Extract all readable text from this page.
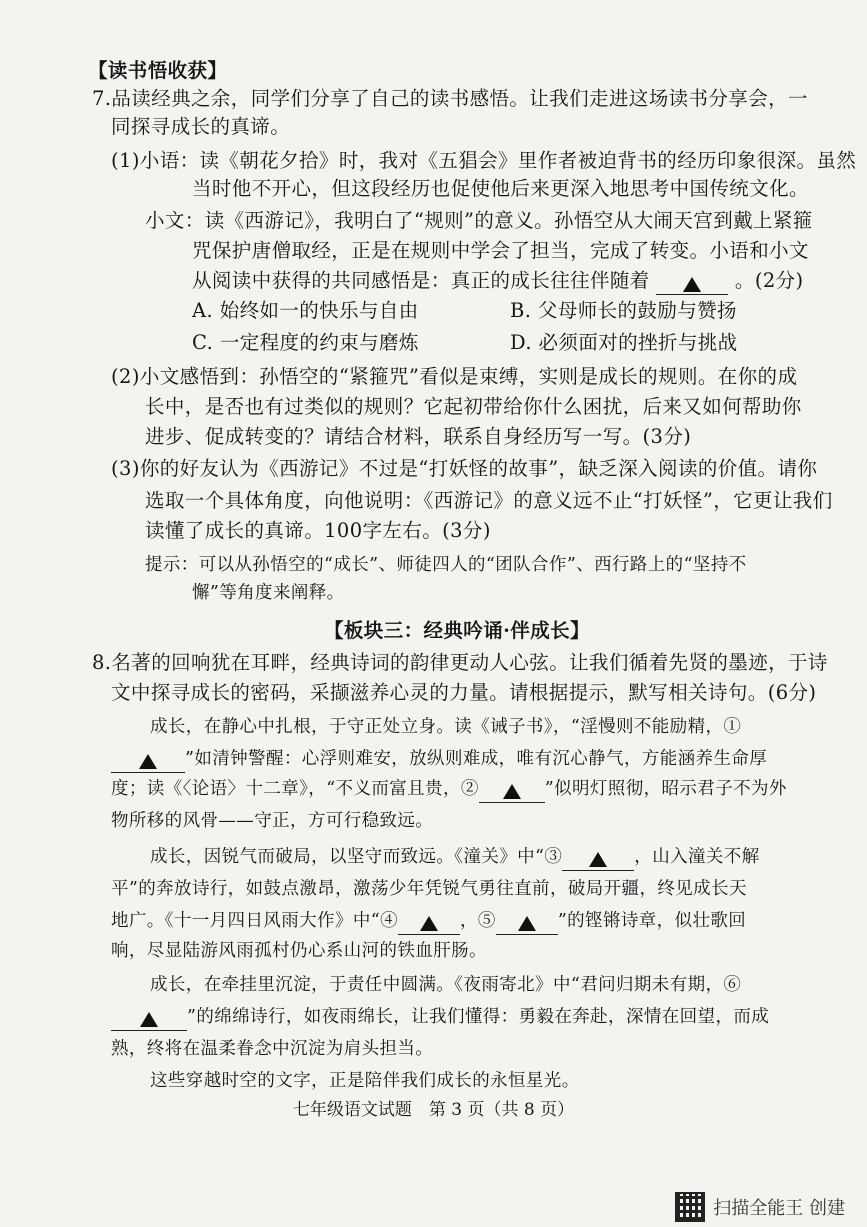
【读书悟收获】
7.品读经典之余，同学们分享了自己的读书感悟。让我们走进这场读书分享会，一
同探寻成长的真谛。
(1)小语：读《朝花夕拾》时，我对《五猖会》里作者被迫背书的经历印象很深。虽然
当时他不开心，但这段经历也促使他后来更深入地思考中国传统文化。
小文：读《西游记》，我明白了“规则”的意义。孙悟空从大闹天宫到戴上紧箍
咒保护唐僧取经，正是在规则中学会了担当，完成了转变。小语和小文
从阅读中获得的共同感悟是：真正的成长往往伴随着	。(2分)
A. 始终如一的快乐与自由	B. 父母师长的鼓励与赞扬
C. 一定程度的约束与磨炼	D. 必须面对的挫折与挑战
(2)小文感悟到：孙悟空的“紧箍咒”看似是束缚，实则是成长的规则。在你的成
长中，是否也有过类似的规则？它起初带给你什么困扰，后来又如何帮助你
进步、促成转变的？请结合材料，联系自身经历写一写。(3分)
(3)你的好友认为《西游记》不过是“打妖怪的故事”，缺乏深入阅读的价值。请你
选取一个具体角度，向他说明：《西游记》的意义远不止“打妖怪”，它更让我们
读懂了成长的真谛。100字左右。(3分)
提示：可以从孙悟空的“成长”、师徒四人的“团队合作”、西行路上的“坚持不
懈”等角度来阐释。
【板块三：经典吟诵·伴成长】
8.名著的回响犹在耳畔，经典诗词的韵律更动人心弦。让我们循着先贤的墨迹，于诗
文中探寻成长的密码，采撷滋养心灵的力量。请根据提示，默写相关诗句。(6分)
成长，在静心中扎根，于守正处立身。读《诫子书》，“淫慢则不能励精，①
”如清钟警醒：心浮则难安，放纵则难成，唯有沉心静气，方能涵养生命厚
度；读《〈论语〉十二章》，“不义而富且贵，②	”似明灯照彻，昭示君子不为外
物所移的风骨——守正，方可行稳致远。
成长，因锐气而破局，以坚守而致远。《潼关》中“③	，山入潼关不解
平”的奔放诗行，如鼓点激昂，激荡少年凭锐气勇往直前，破局开疆，终见成长天
地广。《十一月四日风雨大作》中“④	，⑤	”的铿锵诗章，似壮歌回
响，尽显陆游风雨孤村仍心系山河的铁血肝肠。
成长，在牵挂里沉淀，于责任中圆满。《夜雨寄北》中“君问归期未有期，⑥
”的绵绵诗行，如夜雨绵长，让我们懂得：勇毅在奔赴，深情在回望，而成
熟，终将在温柔眷念中沉淀为肩头担当。
这些穿越时空的文字，正是陪伴我们成长的永恒星光。
七年级语文试题　第 3 页（共 8 页）
扫描全能王 创建
